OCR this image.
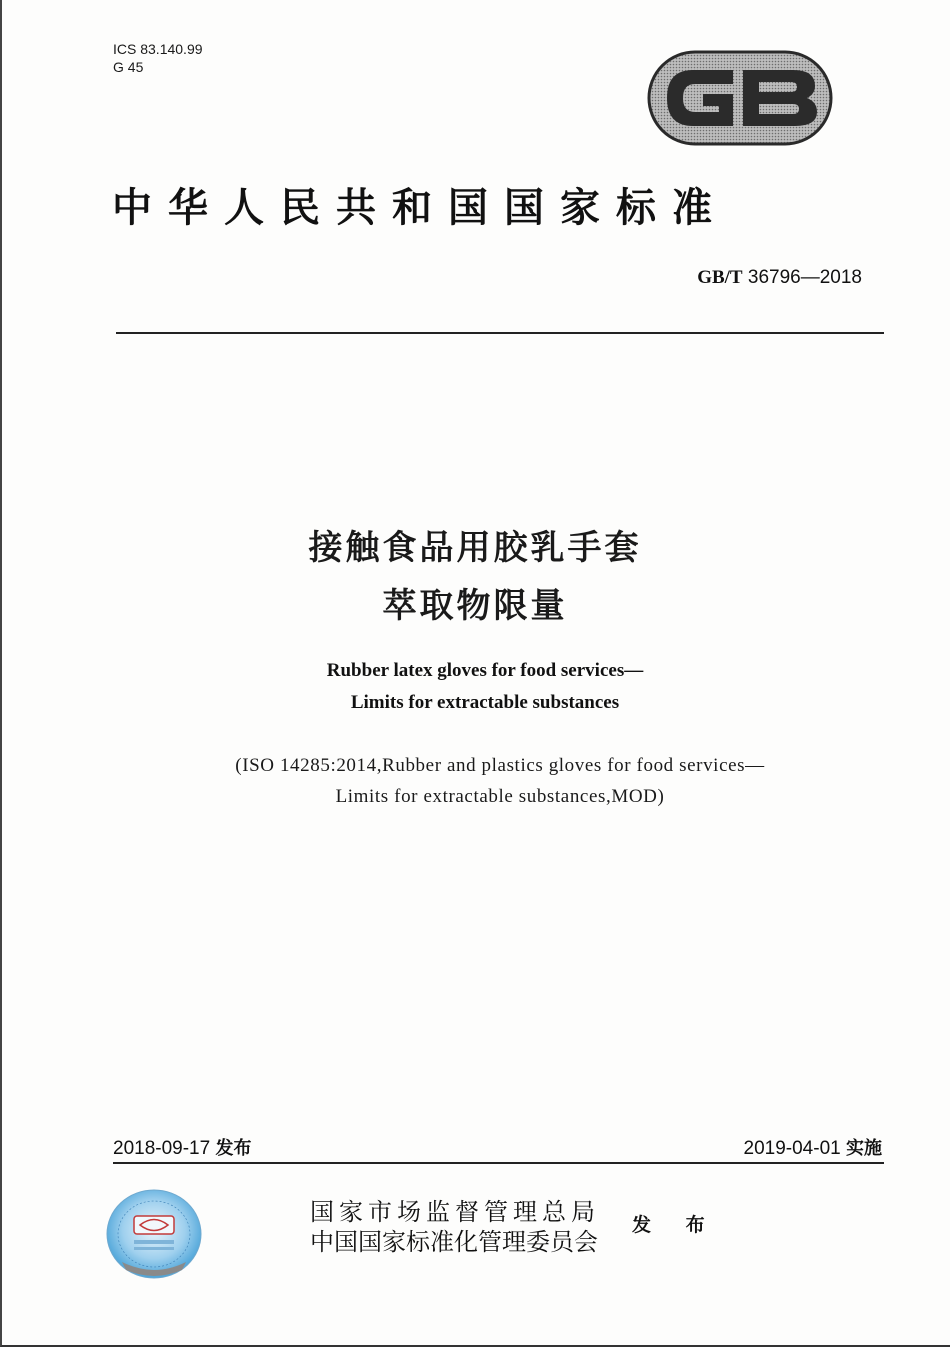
ICS 83.140.99
G 45
中华人民共和国国家标准
GB/T 36796—2018
接触食品用胶乳手套
萃取物限量
Rubber latex gloves for food services—
Limits for extractable substances
(ISO 14285:2014,Rubber and plastics gloves for food services—
Limits for extractable substances,MOD)
2018-09-17 发布	2019-04-01 实施
国家市场监督管理总局
中国国家标准化管理委员会
发 布
